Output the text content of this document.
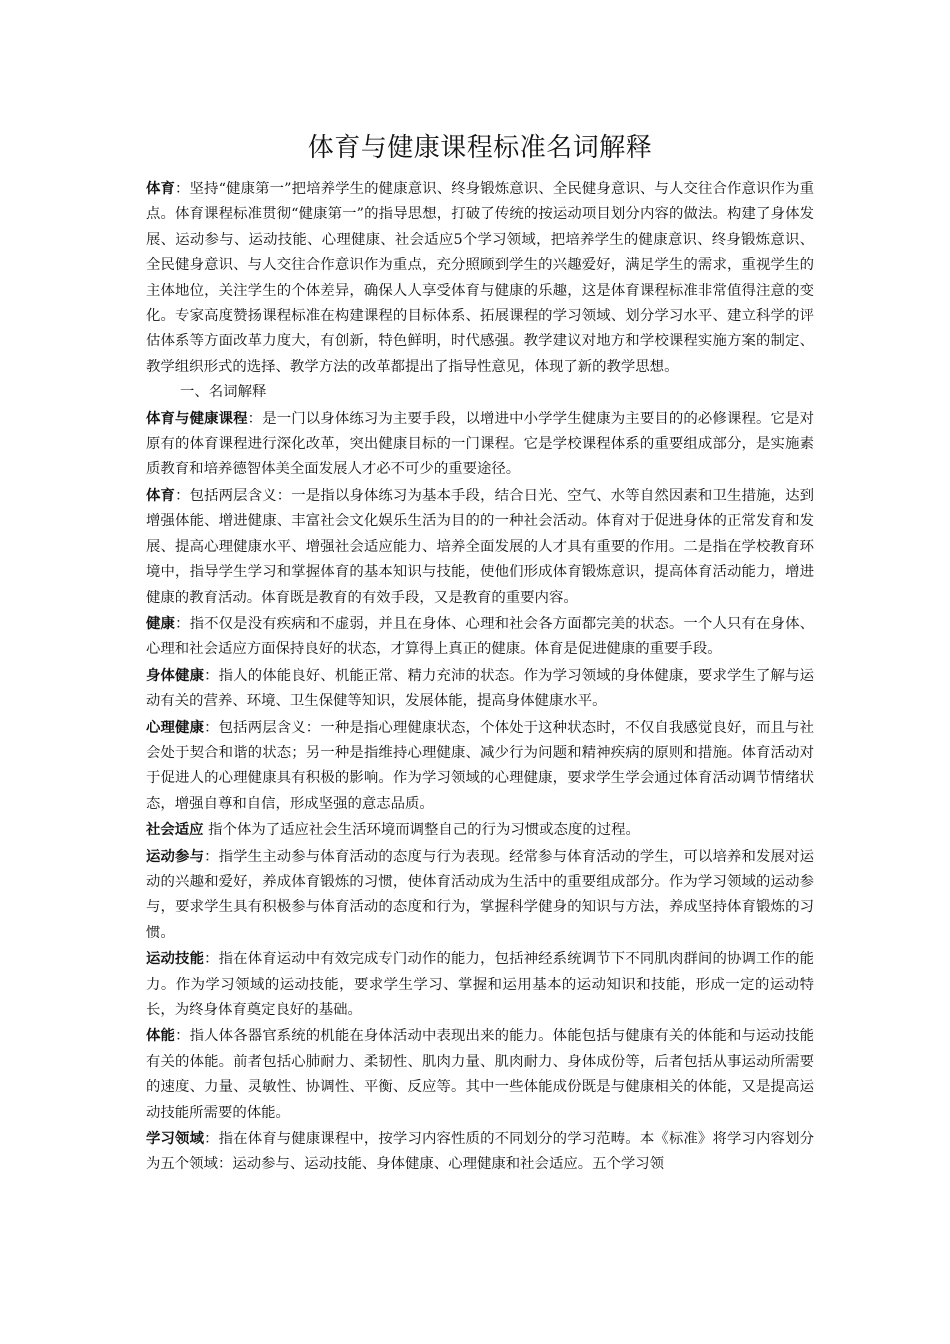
体育与健康课程标准名词解释

体育：坚持“健康第一”把培养学生的健康意识、终身锻炼意识、全民健身意识、与人交往合作意识作为重点。体育课程标准贯彻“健康第一”的指导思想，打破了传统的按运动项目划分内容的做法。构建了身体发展、运动参与、运动技能、心理健康、社会适应5个学习领域，把培养学生的健康意识、终身锻炼意识、全民健身意识、与人交往合作意识作为重点，充分照顾到学生的兴趣爱好，满足学生的需求，重视学生的主体地位，关注学生的个体差异，确保人人享受体育与健康的乐趣，这是体育课程标准非常值得注意的变化。专家高度赞扬课程标准在构建课程的目标体系、拓展课程的学习领域、划分学习水平、建立科学的评估体系等方面改革力度大，有创新，特色鲜明，时代感强。教学建议对地方和学校课程实施方案的制定、教学组织形式的选择、教学方法的改革都提出了指导性意见，体现了新的教学思想。

一、名词解释

体育与健康课程：是一门以身体练习为主要手段，以增进中小学学生健康为主要目的的必修课程。它是对原有的体育课程进行深化改革，突出健康目标的一门课程。它是学校课程体系的重要组成部分，是实施素质教育和培养德智体美全面发展人才必不可少的重要途径。

体育：包括两层含义：一是指以身体练习为基本手段，结合日光、空气、水等自然因素和卫生措施，达到增强体能、增进健康、丰富社会文化娱乐生活为目的的一种社会活动。体育对于促进身体的正常发育和发展、提高心理健康水平、增强社会适应能力、培养全面发展的人才具有重要的作用。二是指在学校教育环境中，指导学生学习和掌握体育的基本知识与技能，使他们形成体育锻炼意识，提高体育活动能力，增进健康的教育活动。体育既是教育的有效手段，又是教育的重要内容。

健康：指不仅是没有疾病和不虚弱，并且在身体、心理和社会各方面都完美的状态。一个人只有在身体、心理和社会适应方面保持良好的状态，才算得上真正的健康。体育是促进健康的重要手段。

身体健康：指人的体能良好、机能正常、精力充沛的状态。作为学习领域的身体健康，要求学生了解与运动有关的营养、环境、卫生保健等知识，发展体能，提高身体健康水平。

心理健康：包括两层含义：一种是指心理健康状态，个体处于这种状态时，不仅自我感觉良好，而且与社会处于契合和谐的状态；另一种是指维持心理健康、减少行为问题和精神疾病的原则和措施。体育活动对于促进人的心理健康具有积极的影响。作为学习领域的心理健康，要求学生学会通过体育活动调节情绪状态，增强自尊和自信，形成坚强的意志品质。

社会适应 指个体为了适应社会生活环境而调整自己的行为习惯或态度的过程。

运动参与：指学生主动参与体育活动的态度与行为表现。经常参与体育活动的学生，可以培养和发展对运动的兴趣和爱好，养成体育锻炼的习惯，使体育活动成为生活中的重要组成部分。作为学习领域的运动参与，要求学生具有积极参与体育活动的态度和行为，掌握科学健身的知识与方法，养成坚持体育锻炼的习惯。

运动技能：指在体育运动中有效完成专门动作的能力，包括神经系统调节下不同肌肉群间的协调工作的能力。作为学习领域的运动技能，要求学生学习、掌握和运用基本的运动知识和技能，形成一定的运动特长，为终身体育奠定良好的基础。

体能：指人体各器官系统的机能在身体活动中表现出来的能力。体能包括与健康有关的体能和与运动技能有关的体能。前者包括心肺耐力、柔韧性、肌肉力量、肌肉耐力、身体成份等，后者包括从事运动所需要的速度、力量、灵敏性、协调性、平衡、反应等。其中一些体能成份既是与健康相关的体能，又是提高运动技能所需要的体能。

学习领域：指在体育与健康课程中，按学习内容性质的不同划分的学习范畴。本《标准》将学习内容划分为五个领域：运动参与、运动技能、身体健康、心理健康和社会适应。五个学习领
